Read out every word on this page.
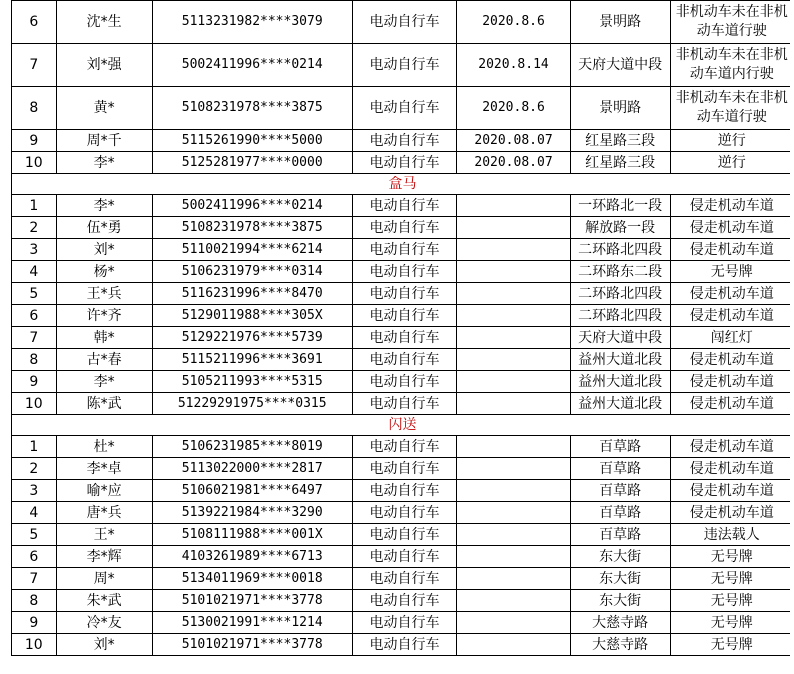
6	沈*生	5113231982****3079	电动自行车	2020.8.6	景明路	非机动车未在非机动车道行驶
7	刘*强	5002411996****0214	电动自行车	2020.8.14	天府大道中段	非机动车未在非机动车道内行驶
8	黄*	5108231978****3875	电动自行车	2020.8.6	景明路	非机动车未在非机动车道行驶
9	周*千	5115261990****5000	电动自行车	2020.08.07	红星路三段	逆行
10	李*	5125281977****0000	电动自行车	2020.08.07	红星路三段	逆行
盒马						
1	李*	5002411996****0214	电动自行车		一环路北一段	侵走机动车道
2	伍*勇	5108231978****3875	电动自行车		解放路一段	侵走机动车道
3	刘*	5110021994****6214	电动自行车		二环路北四段	侵走机动车道
4	杨*	5106231979****0314	电动自行车		二环路东二段	无号牌
5	王*兵	5116231996****8470	电动自行车		二环路北四段	侵走机动车道
6	许*齐	5129011988****305X	电动自行车		二环路北四段	侵走机动车道
7	韩*	5129221976****5739	电动自行车		天府大道中段	闯红灯
8	古*春	5115211996****3691	电动自行车		益州大道北段	侵走机动车道
9	李*	5105211993****5315	电动自行车		益州大道北段	侵走机动车道
10	陈*武	51229291975****0315	电动自行车		益州大道北段	侵走机动车道
闪送						
1	杜*	5106231985****8019	电动自行车		百草路	侵走机动车道
2	李*卓	5113022000****2817	电动自行车		百草路	侵走机动车道
3	喻*应	5106021981****6497	电动自行车		百草路	侵走机动车道
4	唐*兵	5139221984****3290	电动自行车		百草路	侵走机动车道
5	王*	5108111988****001X	电动自行车		百草路	违法载人
6	李*辉	4103261989****6713	电动自行车		东大街	无号牌
7	周*	5134011969****0018	电动自行车		东大街	无号牌
8	朱*武	5101021971****3778	电动自行车		东大街	无号牌
9	冷*友	5130021991****1214	电动自行车		大慈寺路	无号牌
10	刘*	5101021971****3778	电动自行车		大慈寺路	无号牌
